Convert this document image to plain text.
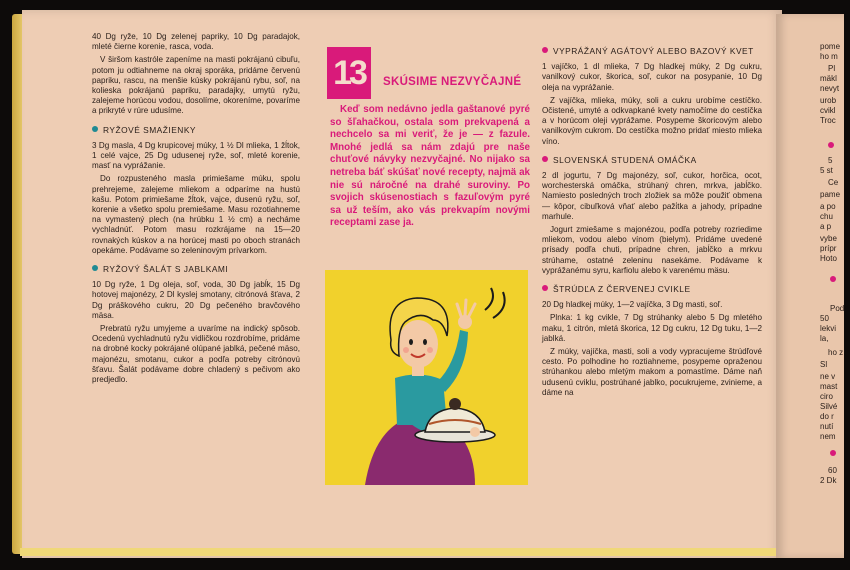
40 Dg ryže, 10 Dg zelenej papriky, 10 Dg paradajok, mleté čierne korenie, rasca, voda.

V širšom kastróle zapeníme na masti pokrájanú cibuľu, potom ju odtiahneme na okraj sporáka, pridáme červenú papriku, rascu, na menšie kúsky pokrájanú rybu, soľ, na kolieska pokrájanú papriku, paradajky, umytú ryžu, zalejeme horúcou vodou, dosolíme, okoreníme, povaríme a prikryté v rúre udusíme.

RYŽOVÉ SMAŽIENKY

3 Dg masla, 4 Dg krupicovej múky, 1 ½ Dl mlieka, 1 žĺtok, 1 celé vajce, 25 Dg udusenej ryže, soľ, mleté korenie, masť na vyprážanie.

Do rozpusteného masla primiešame múku, spolu prehrejeme, zalejeme mliekom a odparíme na hustú kašu. Potom primiešame žĺtok, vajce, dusenú ryžu, soľ, korenie a všetko spolu premiešame. Masu rozotiahneme na vymastený plech (na hrúbku 1 ½ cm) a necháme vychladnúť. Potom masu rozkrájame na 15—20 rovnakých kúskov a na horúcej masti po oboch stranách opekáme. Podávame so zeleninovým prívarkom.

RYŽOVÝ ŠALÁT S JABLKAMI

10 Dg ryže, 1 Dg oleja, soľ, voda, 30 Dg jabĺk, 15 Dg hotovej majonézy, 2 Dl kyslej smotany, citrónová šťava, 2 Dg práškového cukru, 20 Dg pečeného bravčového mäsa.

Prebratú ryžu umyjeme a uvaríme na indický spôsob. Ocedenú vychladnutú ryžu vidličkou rozdrobíme, pridáme na drobné kocky pokrájané olúpané jablká, pečené mäso, majonézu, smotanu, cukor a podľa potreby citrónovú šťavu. Šalát podávame dobre chladený s pečivom ako predjedlo.

13	SKÚSIME NEZVYČAJNÉ

Keď som nedávno jedla gaštanové pyré so šľahačkou, ostala som prekvapená a nechcelo sa mi veriť, že je — z fazule. Mnohé jedlá sa nám zdajú pre naše chuťové návyky nezvyčajné. No nijako sa netreba báť skúšať nové recepty, najmä ak nie sú náročné na drahé suroviny. Po svojich skúsenostiach s fazuľovým pyré sa už teším, ako vás prekvapím novými receptami zase ja.

VYPRÁŽANÝ AGÁTOVÝ ALEBO BAZOVÝ KVET

1 vajíčko, 1 dl mlieka, 7 Dg hladkej múky, 2 Dg cukru, vanilkový cukor, škorica, soľ, cukor na posypanie, 10 Dg oleja na vyprážanie.

Z vajíčka, mlieka, múky, soli a cukru urobíme cestíčko. Očistené, umyté a odkvapkané kvety namočíme do cestíčka a v horúcom oleji vyprážame. Posypeme škoricovým alebo vanilkovým cukrom. Do cestíčka možno pridať miesto mlieka víno.

SLOVENSKÁ STUDENÁ OMÁČKA

2 dl jogurtu, 7 Dg majonézy, soľ, cukor, horčica, ocot, worchesterská omáčka, strúhaný chren, mrkva, jabĺčko. Namiesto posledných troch zložiek sa môže použiť obmena — kôpor, cibuľková vňať alebo paži̇tka a jahody, prípadne marhule.

Jogurt zmiešame s majonézou, podľa potreby rozriedime mliekom, vodou alebo vínom (bielym). Pridáme uvedené prísady podľa chuti, prípadne chren, jabĺčko a mrkvu strúhame, ostatné zeleninu nasekáme. Podávame k vyprážanému syru, karfiolu alebo k varenému mäsu.

ŠTRÚDĽA Z ČERVENEJ CVIKLE

20 Dg hladkej múky, 1—2 vajíčka, 3 Dg masti, soľ.

Plnka: 1 kg cvikle, 7 Dg strúhanky alebo 5 Dg mletého maku, 1 citrón, mletá škorica, 12 Dg cukru, 12 Dg tuku, 1—2 jablká.

Z múky, vajíčka, masti, soli a vody vypracujeme štrúdľové cesto. Po polhodine ho roztiahneme, posypeme opraženou strúhankou alebo mletým makom a pomastíme. Dáme naň udusenú cviklu, postrúhané jablko, pocukrujeme, zvinieme, a dáme na

pome
ho m
Pl
mäkl
nevyt
urob
cvikl
Troc
5
5 st
Ce
pame
a po
chu
a p
vybe
prípr
Hoto
Pod
50
lekvi
la,
ho z
Sl
ne v
mast
ciro
Silvé
do r
nutí
nem
60
2 Dk
